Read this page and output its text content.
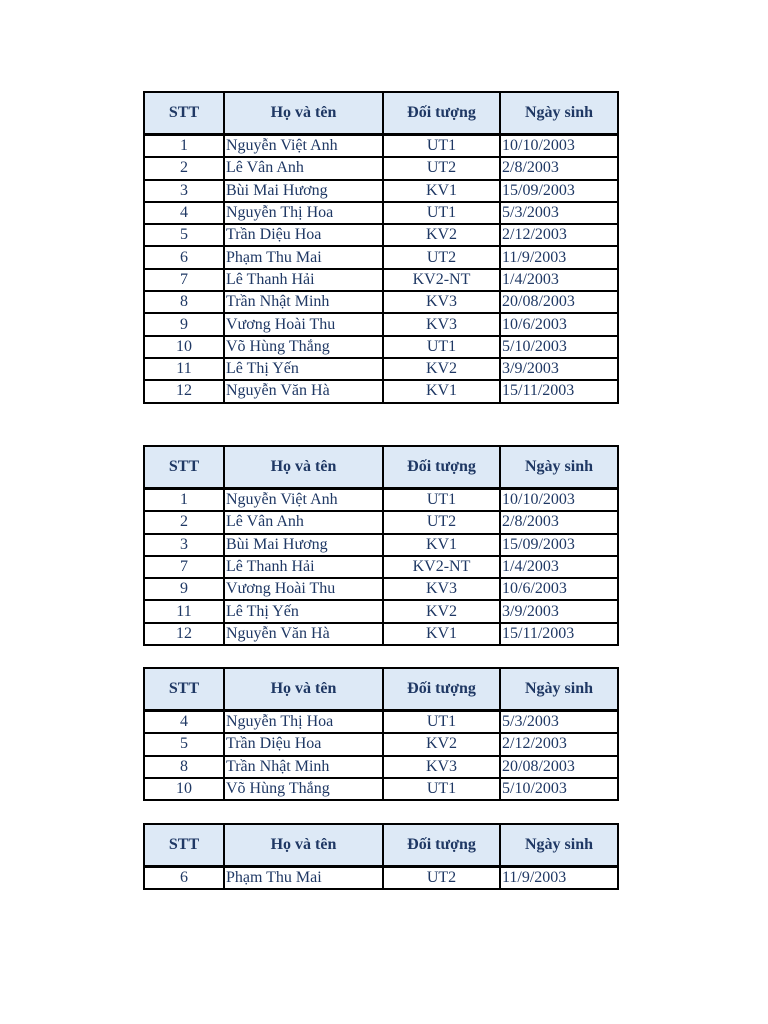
STT	Họ và tên	Đối tượng	Ngày sinh
1	Nguyễn Việt Anh	UT1	10/10/2003
2	Lê Vân Anh	UT2	2/8/2003
3	Bùi Mai Hương	KV1	15/09/2003
4	Nguyễn Thị Hoa	UT1	5/3/2003
5	Trần Diệu Hoa	KV2	2/12/2003
6	Phạm Thu Mai	UT2	11/9/2003
7	Lê Thanh Hải	KV2-NT	1/4/2003
8	Trần Nhật Minh	KV3	20/08/2003
9	Vương Hoài Thu	KV3	10/6/2003
10	Võ Hùng Thắng	UT1	5/10/2003
11	Lê Thị Yến	KV2	3/9/2003
12	Nguyễn Văn Hà	KV1	15/11/2003
STT	Họ và tên	Đối tượng	Ngày sinh
1	Nguyễn Việt Anh	UT1	10/10/2003
2	Lê Vân Anh	UT2	2/8/2003
3	Bùi Mai Hương	KV1	15/09/2003
7	Lê Thanh Hải	KV2-NT	1/4/2003
9	Vương Hoài Thu	KV3	10/6/2003
11	Lê Thị Yến	KV2	3/9/2003
12	Nguyễn Văn Hà	KV1	15/11/2003
STT	Họ và tên	Đối tượng	Ngày sinh
4	Nguyễn Thị Hoa	UT1	5/3/2003
5	Trần Diệu Hoa	KV2	2/12/2003
8	Trần Nhật Minh	KV3	20/08/2003
10	Võ Hùng Thắng	UT1	5/10/2003
STT	Họ và tên	Đối tượng	Ngày sinh
6	Phạm Thu Mai	UT2	11/9/2003
